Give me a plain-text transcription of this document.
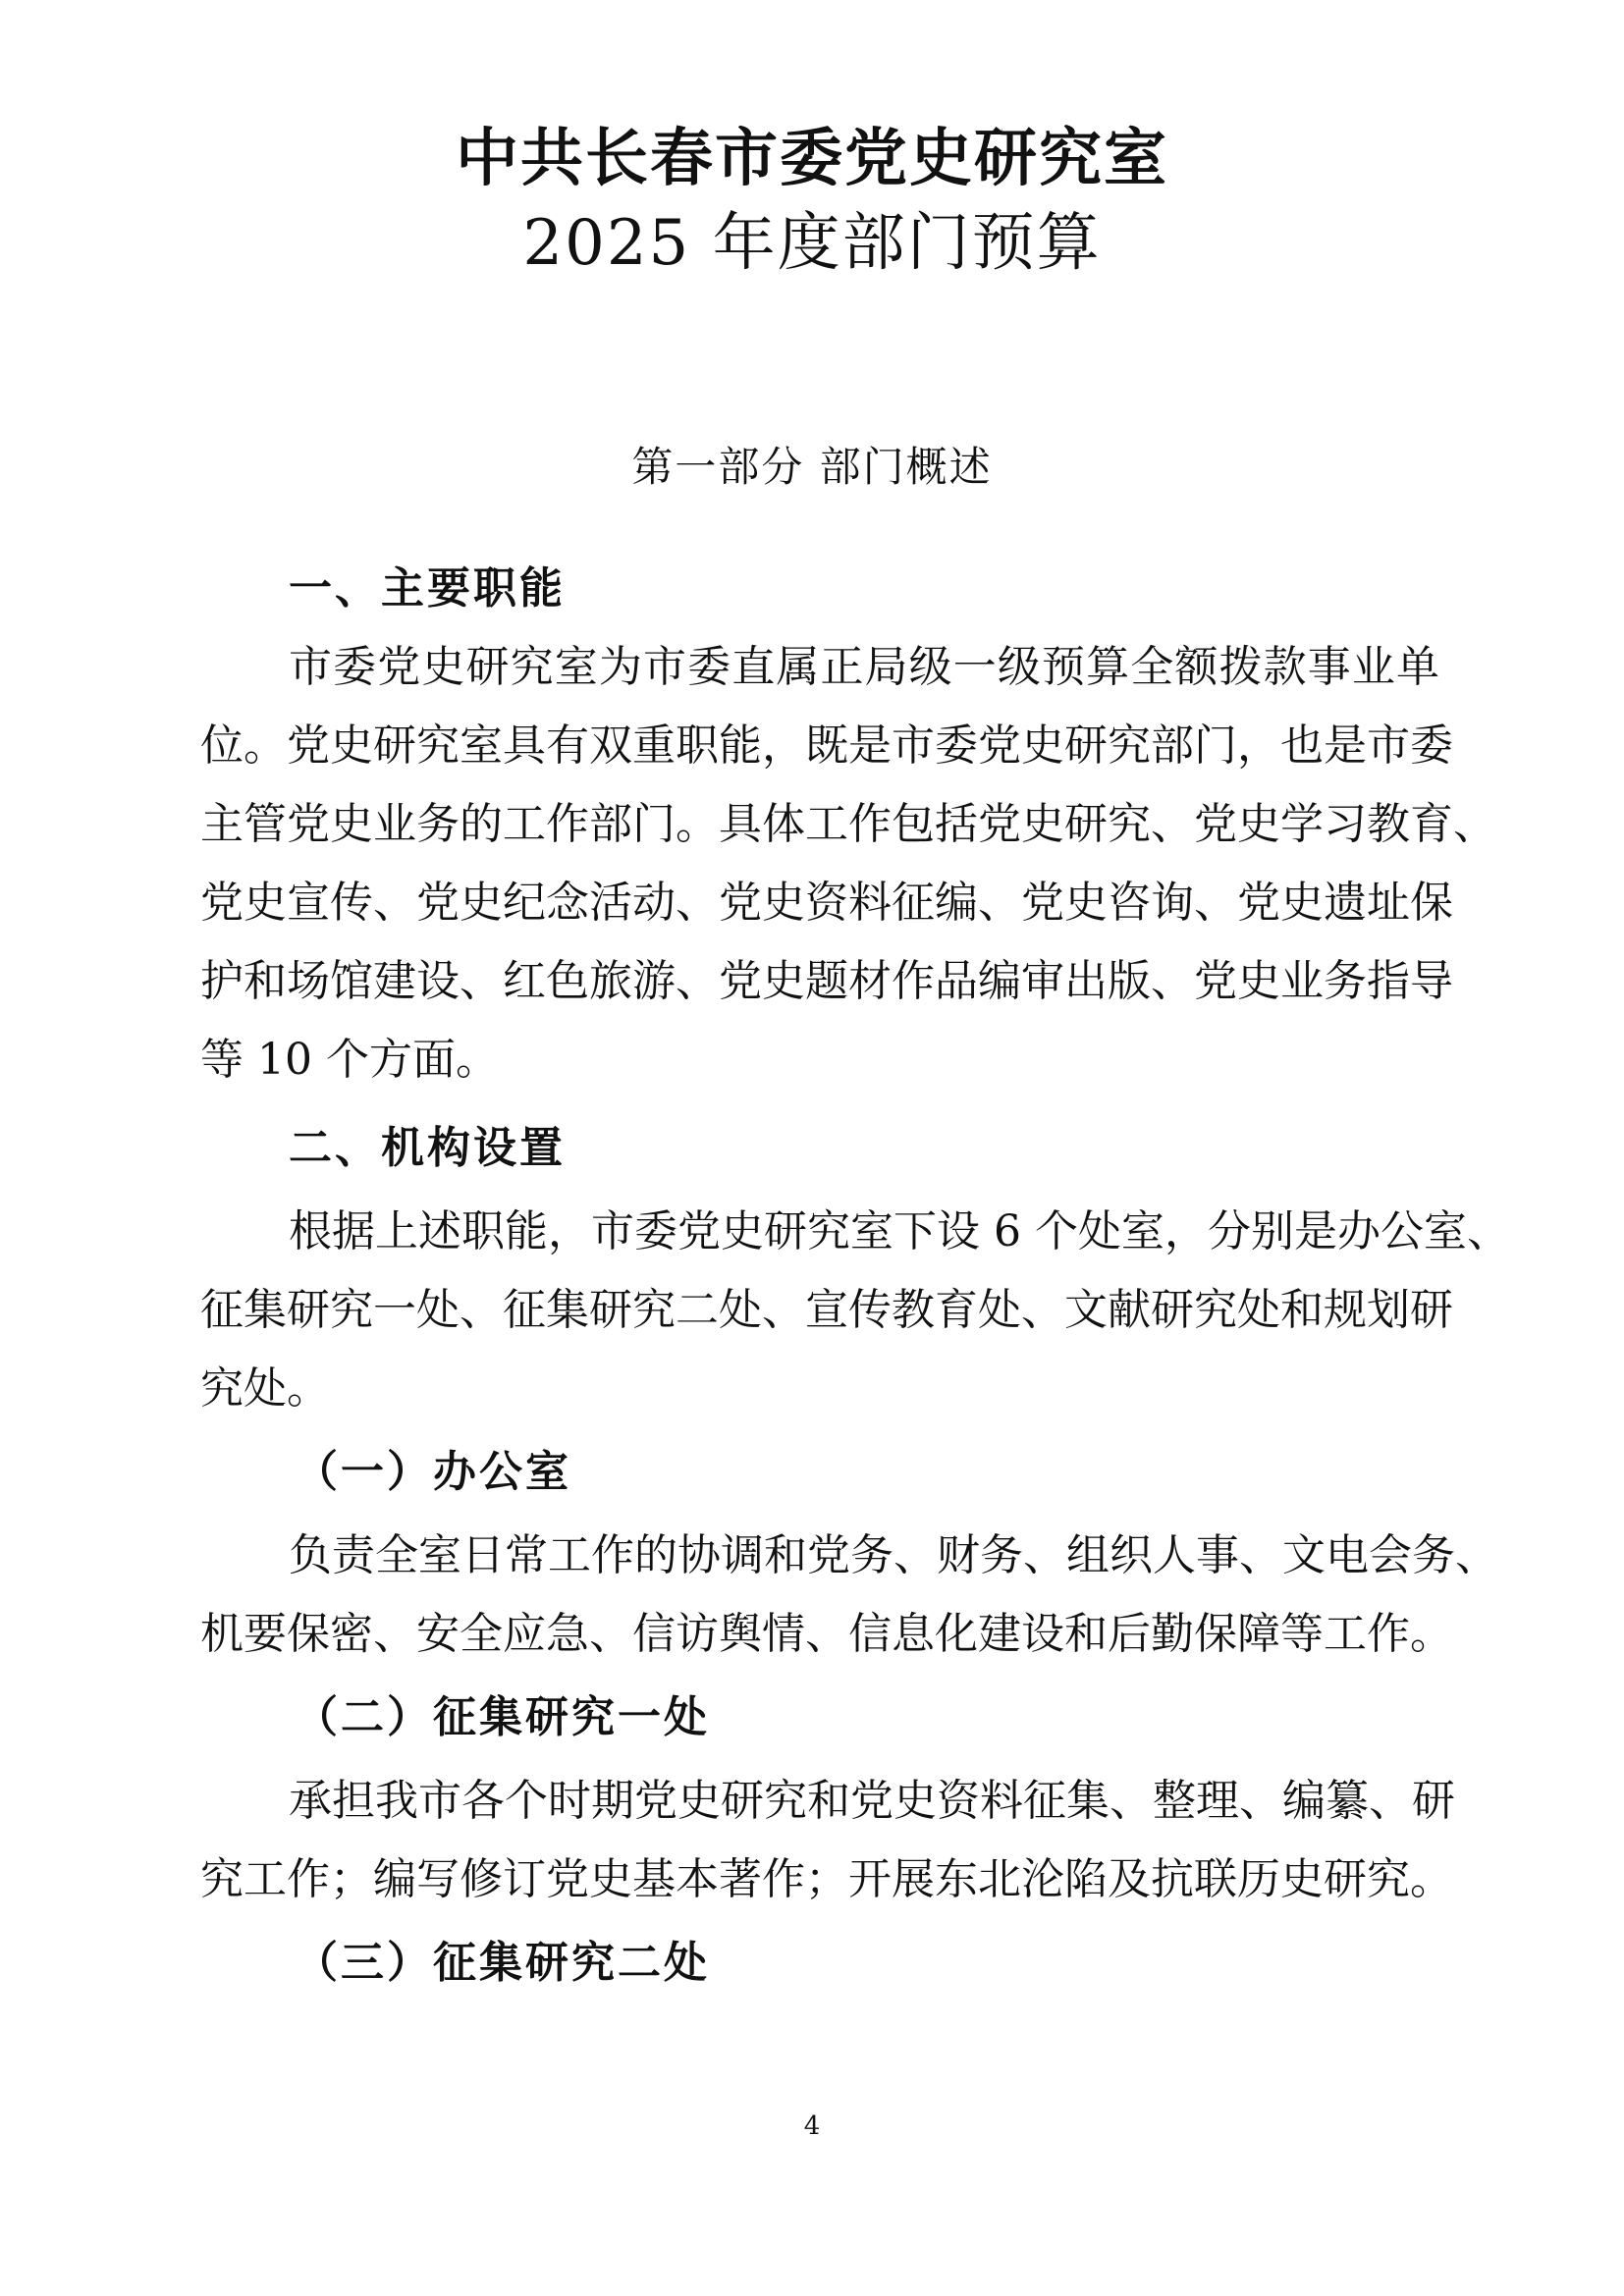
中共长春市委党史研究室
2025 年度部门预算
第一部分 部门概述
一、主要职能
市委党史研究室为市委直属正局级一级预算全额拨款事业单
位。党史研究室具有双重职能，既是市委党史研究部门，也是市委
主管党史业务的工作部门。具体工作包括党史研究、党史学习教育、
党史宣传、党史纪念活动、党史资料征编、党史咨询、党史遗址保
护和场馆建设、红色旅游、党史题材作品编审出版、党史业务指导
等 10 个方面。
二、机构设置
根据上述职能，市委党史研究室下设 6 个处室，分别是办公室、
征集研究一处、征集研究二处、宣传教育处、文献研究处和规划研
究处。
（一）办公室
负责全室日常工作的协调和党务、财务、组织人事、文电会务、
机要保密、安全应急、信访舆情、信息化建设和后勤保障等工作。
（二）征集研究一处
承担我市各个时期党史研究和党史资料征集、整理、编纂、研
究工作；编写修订党史基本著作；开展东北沦陷及抗联历史研究。
（三）征集研究二处
4
